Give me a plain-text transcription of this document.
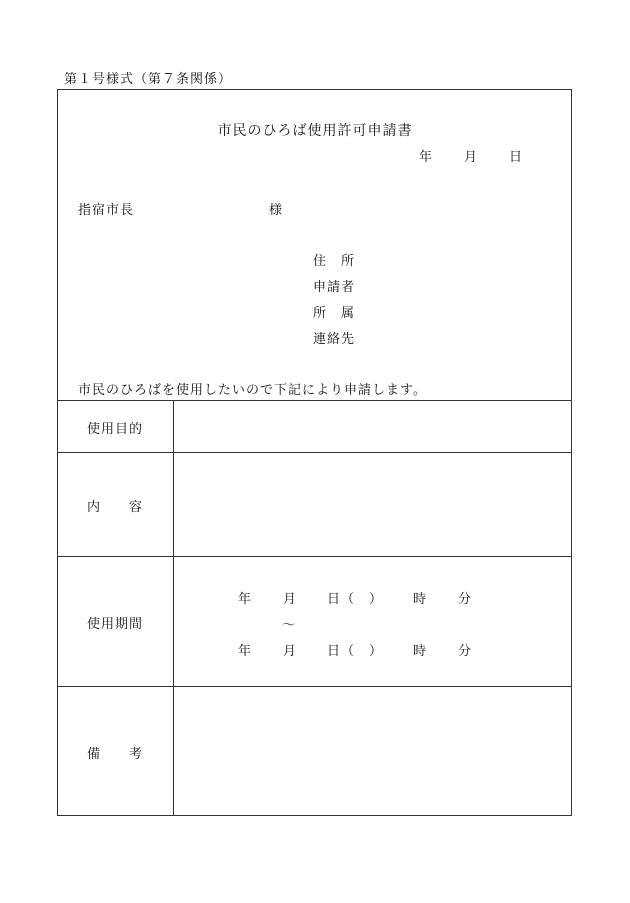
第１号様式（第７条関係）
市民のひろば使用許可申請書
年 月 日
指宿市長	様
住　所
申請者
所　属
連絡先
市民のひろばを使用したいので下記により申請します。
使用目的
内　　容
使用期間
年 月 日（　） 時 分
～
年 月 日（　） 時 分
備　　考
